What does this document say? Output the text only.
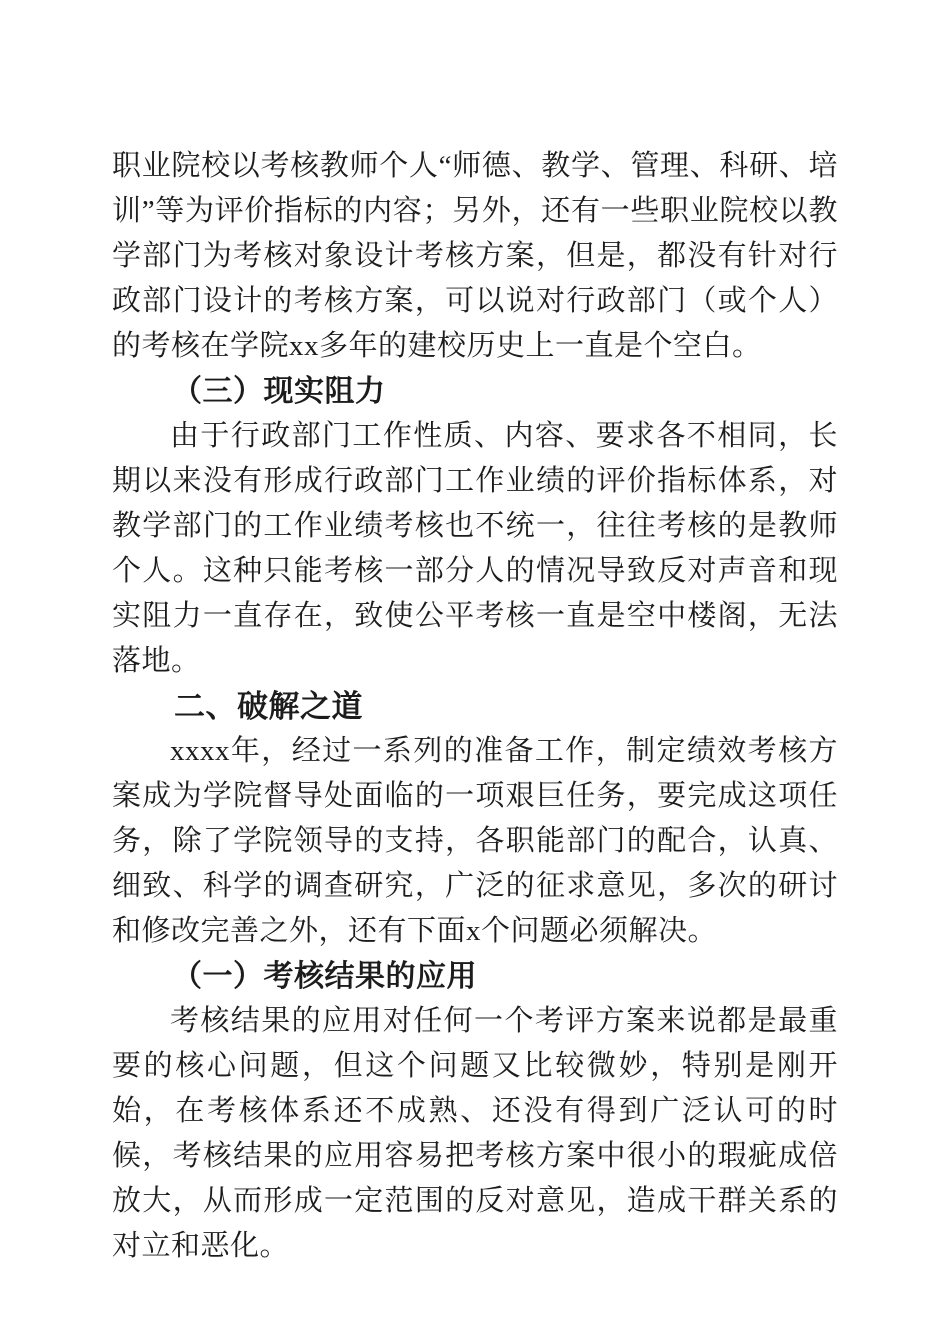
职业院校以考核教师个人“师德、教学、管理、科研、培训”等为评价指标的内容；另外，还有一些职业院校以教学部门为考核对象设计考核方案，但是，都没有针对行政部门设计的考核方案，可以说对行政部门（或个人）的考核在学院xx多年的建校历史上一直是个空白。

（三）现实阻力

由于行政部门工作性质、内容、要求各不相同，长期以来没有形成行政部门工作业绩的评价指标体系，对教学部门的工作业绩考核也不统一，往往考核的是教师个人。这种只能考核一部分人的情况导致反对声音和现实阻力一直存在，致使公平考核一直是空中楼阁，无法落地。

二、破解之道

xxxx年，经过一系列的准备工作，制定绩效考核方案成为学院督导处面临的一项艰巨任务，要完成这项任务，除了学院领导的支持，各职能部门的配合，认真、细致、科学的调查研究，广泛的征求意见，多次的研讨和修改完善之外，还有下面x个问题必须解决。

（一）考核结果的应用

考核结果的应用对任何一个考评方案来说都是最重要的核心问题，但这个问题又比较微妙，特别是刚开始，在考核体系还不成熟、还没有得到广泛认可的时候，考核结果的应用容易把考核方案中很小的瑕疵成倍放大，从而形成一定范围的反对意见，造成干群关系的对立和恶化。
